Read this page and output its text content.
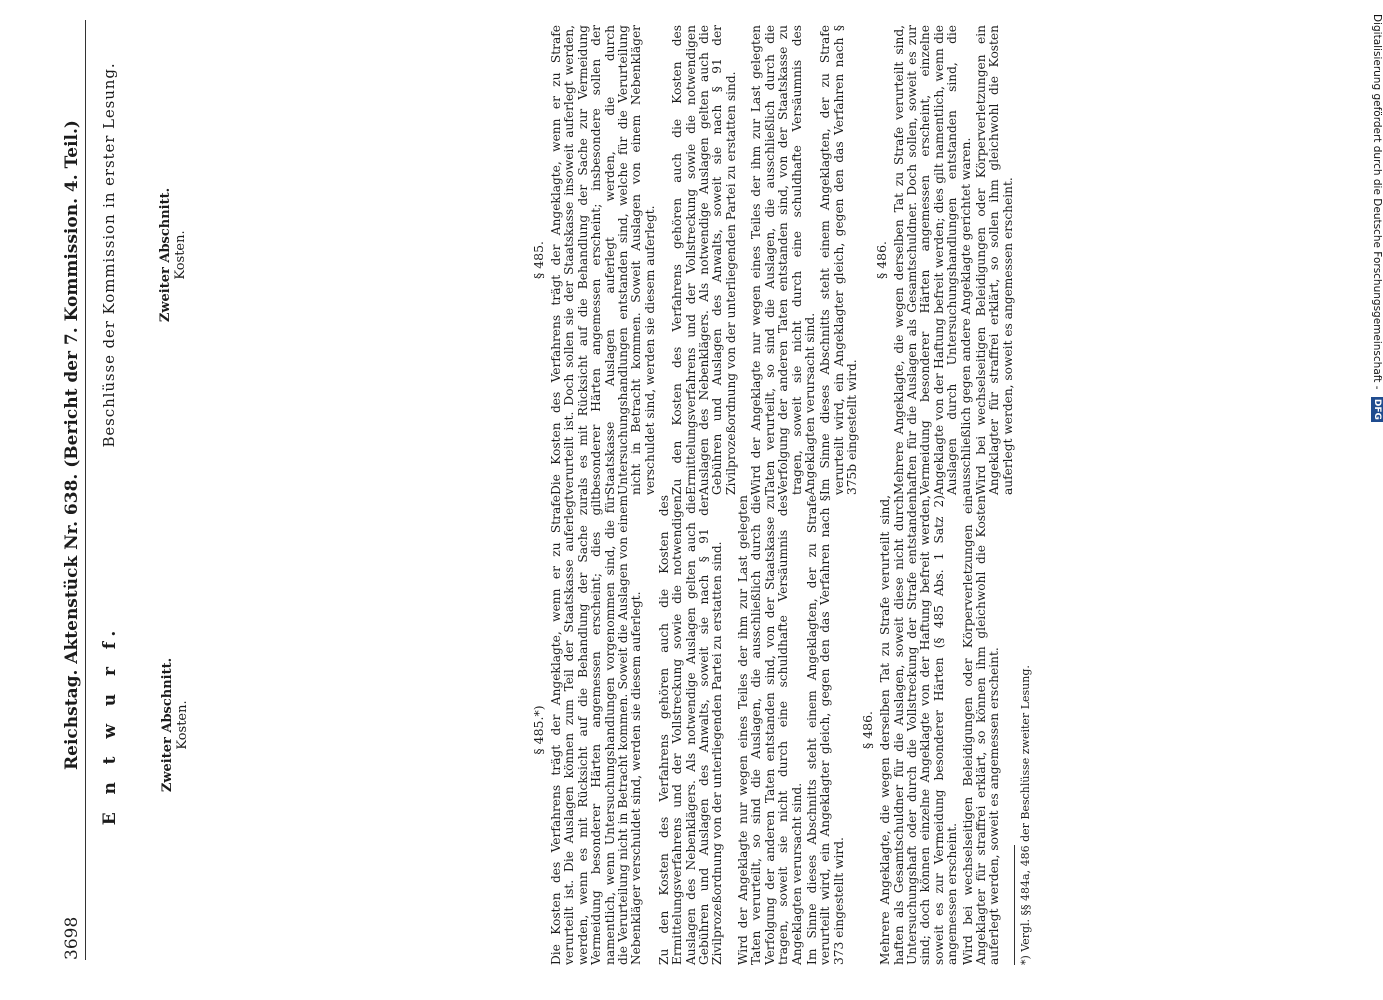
3698
Reichstag. Aktenstück Nr. 638. (Bericht der 7. Kommission. 4. Teil.) E n t w u r f.	Zweiter Abschnitt. Kosten.
Beschlüsse der Kommission in erster Lesung.	Zweiter Abschnitt. Kosten.
§ 485.*) Die Kosten des Verfahrens trägt der Angeklagte, wenn er zu Strafe verurteilt ist. Die Auslagen können zum Teil der Staatskasse auferlegt werden, wenn es mit Rücksicht auf die Behandlung der Sache zur Vermeidung besonderer Härten angemessen erscheint; dies gilt namentlich, wenn Untersuchungshandlungen vorgenommen sind, die für die Verurteilung nicht in Betracht kommen. Soweit die Auslagen von einem Nebenkläger verschuldet sind, werden sie diesem auferlegt. Zu den Kosten des Verfahrens gehören auch die Kosten des Ermittelungsverfahrens und der Vollstreckung sowie die notwendigen Auslagen des Nebenklägers. Als notwendige Auslagen gelten auch die Gebühren und Auslagen des Anwalts, soweit sie nach § 91 der Zivilprozeßordnung von der unterliegenden Partei zu erstatten sind. Wird der Angeklagte nur wegen eines Teiles der ihm zur Last gelegten Taten verurteilt, so sind die Auslagen, die ausschließlich durch die Verfolgung der anderen Taten entstanden sind, von der Staatskasse zu tragen, soweit sie nicht durch eine schuldhafte Versäumnis des Angeklagten verursacht sind. Im Sinne dieses Abschnitts steht einem Angeklagten, der zu Strafe verurteilt wird, ein Angeklagter gleich, gegen den das Verfahren nach § 373 eingestellt wird.

§ 486. Mehrere Angeklagte, die wegen derselben Tat zu Strafe verurteilt sind, haften als Gesamtschuldner für die Auslagen, soweit diese nicht durch Untersuchungshaft oder durch die Vollstreckung der Strafe entstanden sind; doch können einzelne Angeklagte von der Haftung befreit werden, soweit es zur Vermeidung besonderer Härten (§ 485 Abs. 1 Satz 2) angemessen erscheint. Wird bei wechselseitigen Beleidigungen oder Körperverletzungen ein Angeklagter für straffrei erklärt, so können ihm gleichwohl die Kosten auferlegt werden, soweit es angemessen erscheint. *) Vergl. §§ 484a, 486 der Beschlüsse zweiter Lesung.
§ 485. Die Kosten des Verfahrens trägt der Angeklagte, wenn er zu Strafe verurteilt ist. Doch sollen sie der Staatskasse insoweit auferlegt werden, als es mit Rücksicht auf die Behandlung der Sache zur Vermeidung besonderer Härten angemessen erscheint; insbesondere sollen der Staatskasse Auslagen auferlegt werden, die durch Untersuchungshandlungen entstanden sind, welche für die Verurteilung nicht in Betracht kommen. Soweit Auslagen von einem Nebenkläger verschuldet sind, werden sie diesem auferlegt. Zu den Kosten des Verfahrens gehören auch die Kosten des Ermittelungsverfahrens und der Vollstreckung sowie die notwendigen Auslagen des Nebenklägers. Als notwendige Auslagen gelten auch die Gebühren und Auslagen des Anwalts, soweit sie nach § 91 der Zivilprozeßordnung von der unterliegenden Partei zu erstatten sind. Wird der Angeklagte nur wegen eines Teiles der ihm zur Last gelegten Taten verurteilt, so sind die Auslagen, die ausschließlich durch die Verfolgung der anderen Taten entstanden sind, von der Staatskasse zu tragen, soweit sie nicht durch eine schuldhafte Versäumnis des Angeklagten verursacht sind. Im Sinne dieses Abschnitts steht einem Angeklagten, der zu Strafe verurteilt wird, ein Angeklagter gleich, gegen den das Verfahren nach § 375b eingestellt wird.

§ 486. Mehrere Angeklagte, die wegen derselben Tat zu Strafe verurteilt sind, haften für die Auslagen als Gesamtschuldner. Doch sollen, soweit es zur Vermeidung besonderer Härten angemessen erscheint, einzelne Angeklagte von der Haftung befreit werden; dies gilt namentlich, wenn die Auslagen durch Untersuchungshandlungen entstanden sind, die ausschließlich gegen andere Angeklagte gerichtet waren. Wird bei wechselseitigen Beleidigungen oder Körperverletzungen ein Angeklagter für straffrei erklärt, so sollen ihm gleichwohl die Kosten auferlegt werden, soweit es angemessen erscheint.	Digitalisierung gefördert durch die Deutsche Forschungsgemeinschaft - DFG
